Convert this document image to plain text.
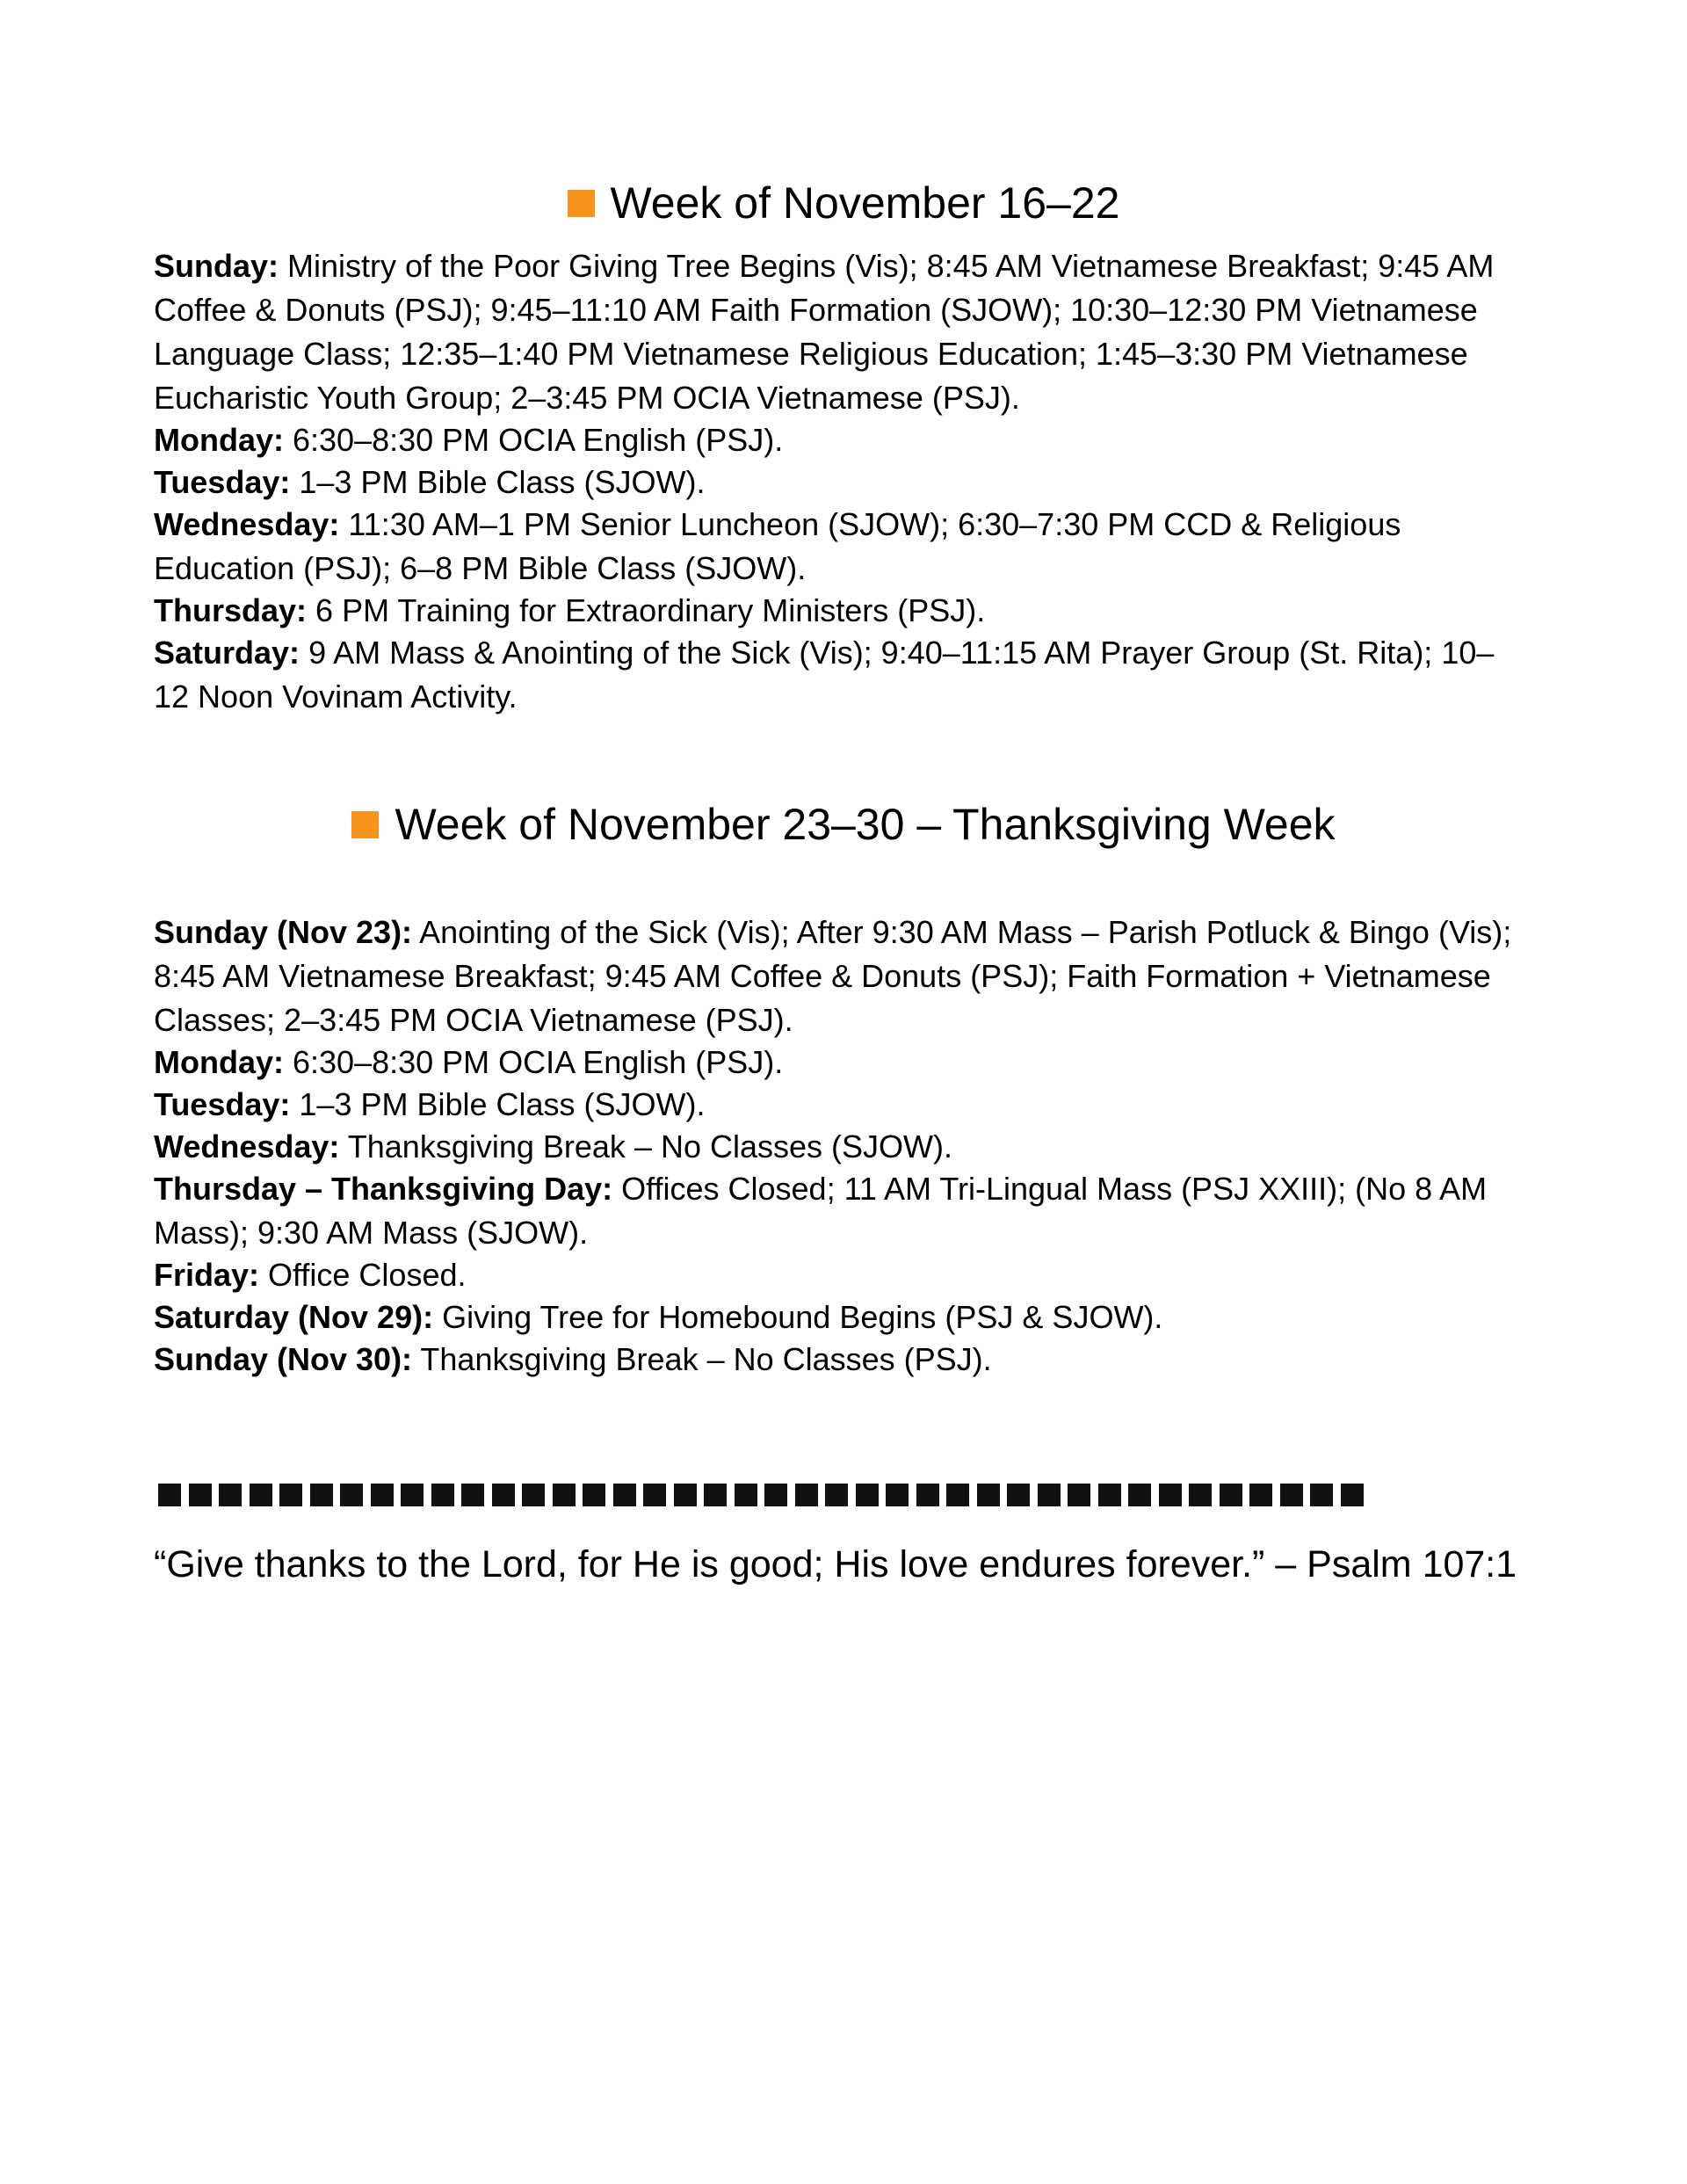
Week of November 16–22

Sunday: Ministry of the Poor Giving Tree Begins (Vis); 8:45 AM Vietnamese Breakfast; 9:45 AM Coffee & Donuts (PSJ); 9:45–11:10 AM Faith Formation (SJOW); 10:30–12:30 PM Vietnamese Language Class; 12:35–1:40 PM Vietnamese Religious Education; 1:45–3:30 PM Vietnamese Eucharistic Youth Group; 2–3:45 PM OCIA Vietnamese (PSJ).

Monday: 6:30–8:30 PM OCIA English (PSJ).

Tuesday: 1–3 PM Bible Class (SJOW).

Wednesday: 11:30 AM–1 PM Senior Luncheon (SJOW); 6:30–7:30 PM CCD & Religious Education (PSJ); 6–8 PM Bible Class (SJOW).

Thursday: 6 PM Training for Extraordinary Ministers (PSJ).

Saturday: 9 AM Mass & Anointing of the Sick (Vis); 9:40–11:15 AM Prayer Group (St. Rita); 10–12 Noon Vovinam Activity.

Week of November 23–30 – Thanksgiving Week

Sunday (Nov 23): Anointing of the Sick (Vis); After 9:30 AM Mass – Parish Potluck & Bingo (Vis); 8:45 AM Vietnamese Breakfast; 9:45 AM Coffee & Donuts (PSJ); Faith Formation + Vietnamese Classes; 2–3:45 PM OCIA Vietnamese (PSJ).

Monday: 6:30–8:30 PM OCIA English (PSJ).

Tuesday: 1–3 PM Bible Class (SJOW).

Wednesday: Thanksgiving Break – No Classes (SJOW).

Thursday – Thanksgiving Day: Offices Closed; 11 AM Tri-Lingual Mass (PSJ XXIII); (No 8 AM Mass); 9:30 AM Mass (SJOW).

Friday: Office Closed.

Saturday (Nov 29): Giving Tree for Homebound Begins (PSJ & SJOW).

Sunday (Nov 30): Thanksgiving Break – No Classes (PSJ).

“Give thanks to the Lord, for He is good; His love endures forever.” – Psalm 107:1
